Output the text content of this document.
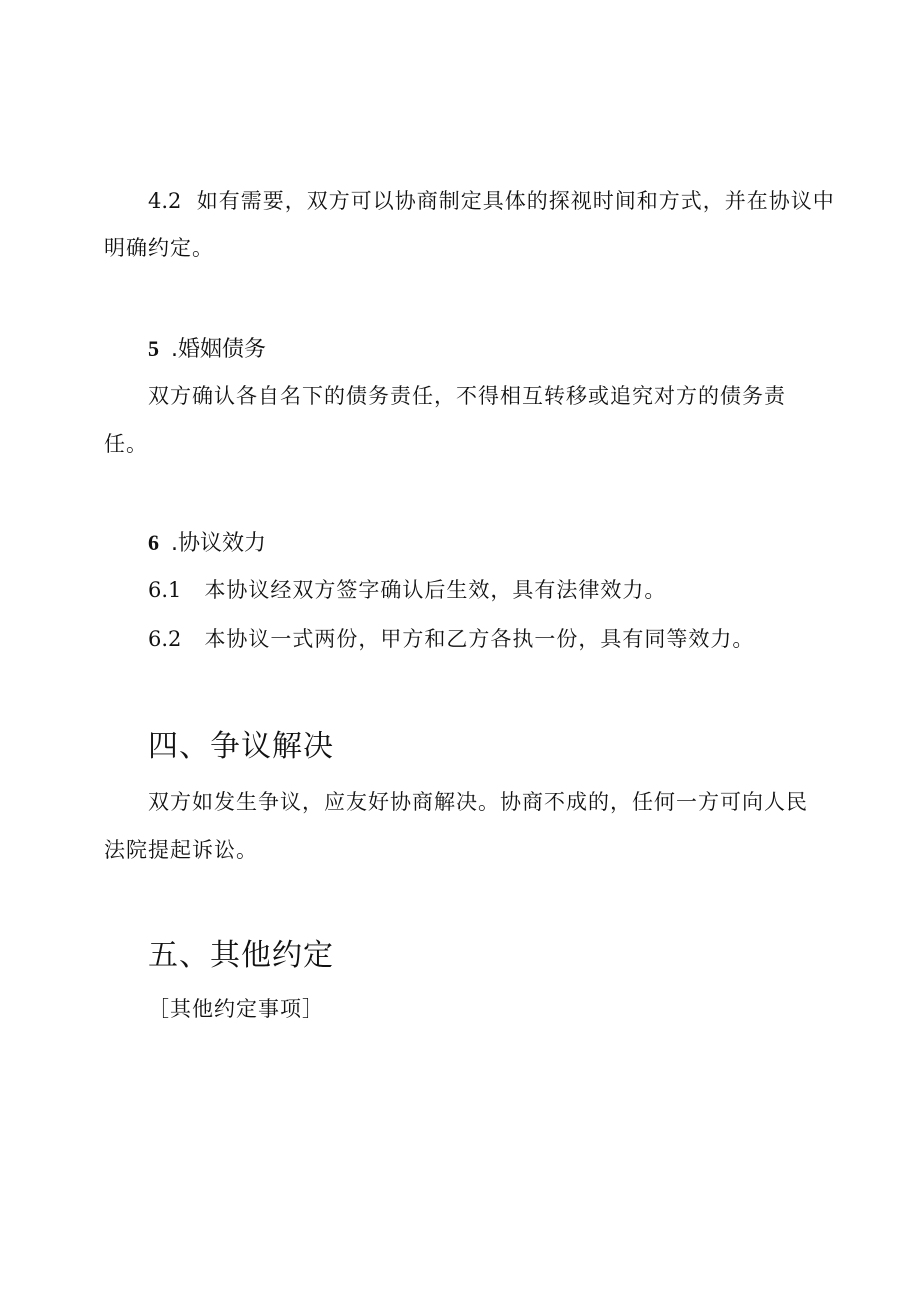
4.2 如有需要，双方可以协商制定具体的探视时间和方式，并在协议中
明确约定。
5 .婚姻债务
双方确认各自名下的债务责任，不得相互转移或追究对方的债务责
任。
6 .协议效力
6.1 本协议经双方签字确认后生效，具有法律效力。
6.2 本协议一式两份，甲方和乙方各执一份，具有同等效力。
四、争议解决
双方如发生争议，应友好协商解决。协商不成的，任何一方可向人民
法院提起诉讼。
五、其他约定
［其他约定事项］
